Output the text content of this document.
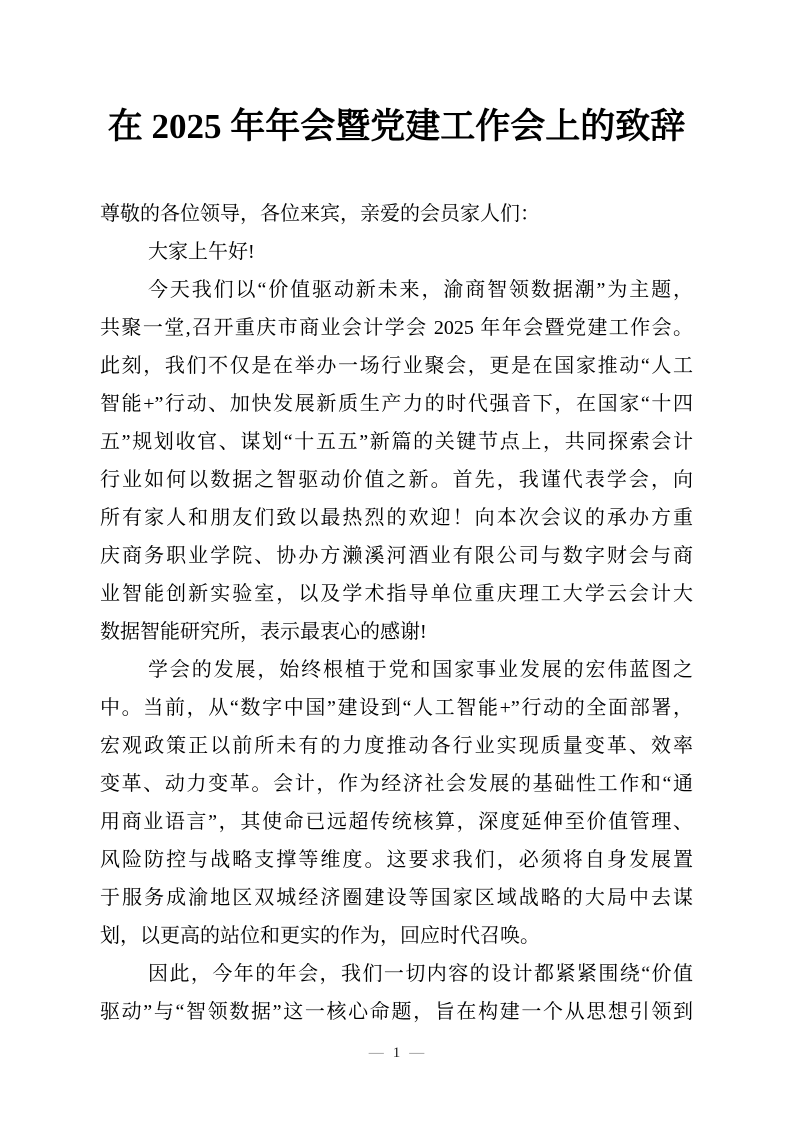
在 2025 年年会暨党建工作会上的致辞

尊敬的各位领导，各位来宾，亲爱的会员家人们：

大家上午好!

今天我们以“价值驱动新未来，渝商智领数据潮”为主题，

共聚一堂,召开重庆市商业会计学会 2025 年年会暨党建工作会。

此刻，我们不仅是在举办一场行业聚会，更是在国家推动“人工

智能+”行动、加快发展新质生产力的时代强音下，在国家“十四

五”规划收官、谋划“十五五”新篇的关键节点上，共同探索会计

行业如何以数据之智驱动价值之新。首先，我谨代表学会，向

所有家人和朋友们致以最热烈的欢迎！向本次会议的承办方重

庆商务职业学院、协办方濑溪河酒业有限公司与数字财会与商

业智能创新实验室，以及学术指导单位重庆理工大学云会计大

数据智能研究所，表示最衷心的感谢!

学会的发展，始终根植于党和国家事业发展的宏伟蓝图之

中。当前，从“数字中国”建设到“人工智能+”行动的全面部署，

宏观政策正以前所未有的力度推动各行业实现质量变革、效率

变革、动力变革。会计，作为经济社会发展的基础性工作和“通

用商业语言”，其使命已远超传统核算，深度延伸至价值管理、

风险防控与战略支撑等维度。这要求我们，必须将自身发展置

于服务成渝地区双城经济圈建设等国家区域战略的大局中去谋

划，以更高的站位和更实的作为，回应时代召唤。

因此，今年的年会，我们一切内容的设计都紧紧围绕“价值

驱动”与“智领数据”这一核心命题，旨在构建一个从思想引领到

— 1 —
